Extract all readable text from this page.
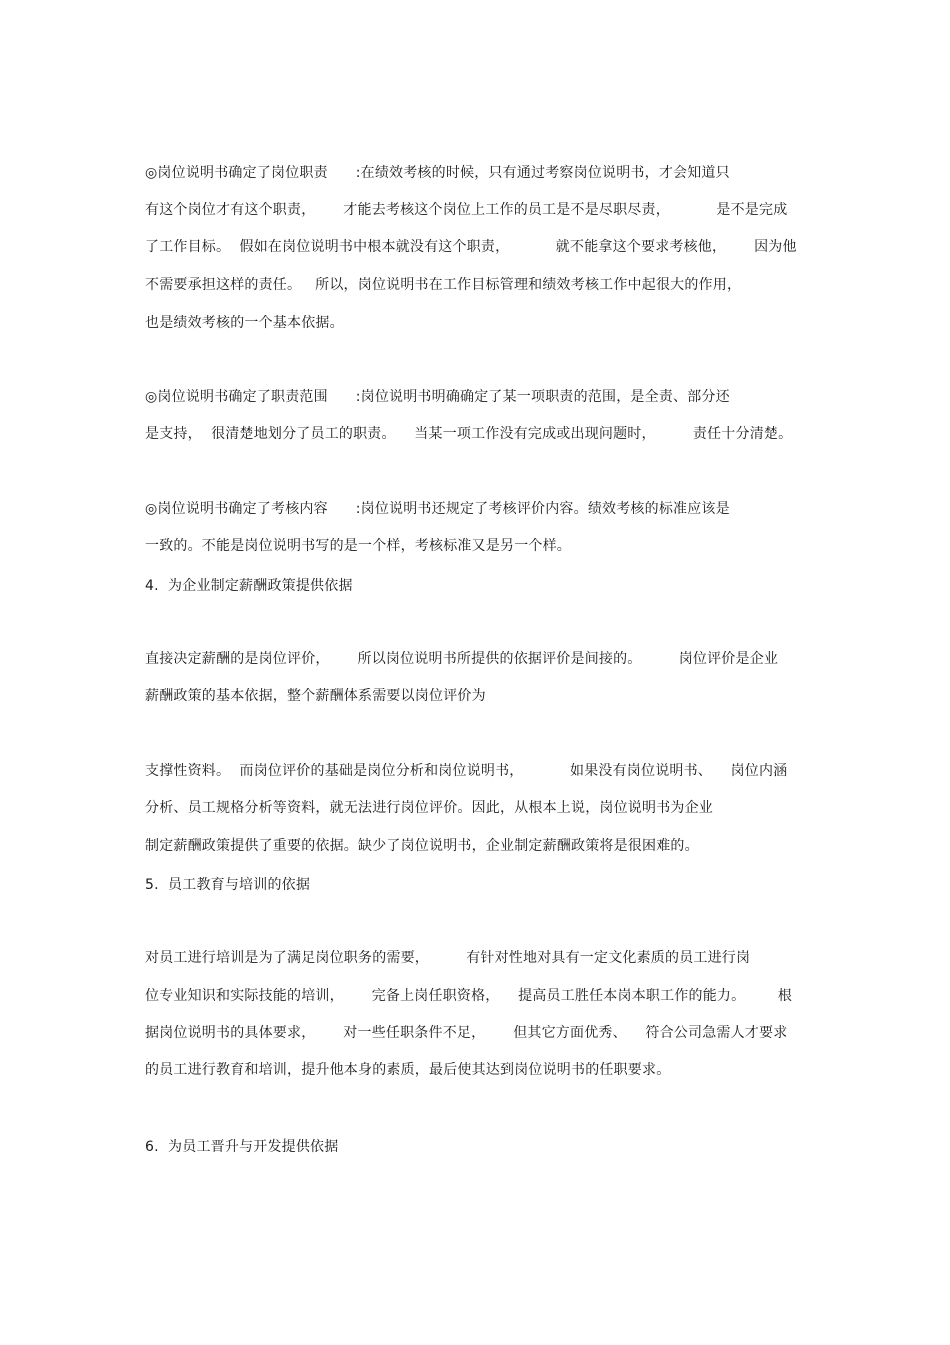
◎岗位说明书确定了岗位职责      :在绩效考核的时候，只有通过考察岗位说明书，才会知道只
有这个岗位才有这个职责，      才能去考核这个岗位上工作的员工是不是尽职尽责，          是不是完成
了工作目标。  假如在岗位说明书中根本就没有这个职责，          就不能拿这个要求考核他，      因为他
不需要承担这样的责任。   所以，岗位说明书在工作目标管理和绩效考核工作中起很大的作用，
也是绩效考核的一个基本依据。
◎岗位说明书确定了职责范围      :岗位说明书明确确定了某一项职责的范围，是全责、部分还
是支持，  很清楚地划分了员工的职责。    当某一项工作没有完成或出现问题时，        责任十分清楚。
◎岗位说明书确定了考核内容      :岗位说明书还规定了考核评价内容。绩效考核的标准应该是
一致的。不能是岗位说明书写的是一个样，考核标准又是另一个样。
4.  为企业制定薪酬政策提供依据
直接决定薪酬的是岗位评价，      所以岗位说明书所提供的依据评价是间接的。        岗位评价是企业
薪酬政策的基本依据，整个薪酬体系需要以岗位评价为
支撑性资料。  而岗位评价的基础是岗位分析和岗位说明书，          如果没有岗位说明书、    岗位内涵
分析、员工规格分析等资料，就无法进行岗位评价。因此，从根本上说，岗位说明书为企业
制定薪酬政策提供了重要的依据。缺少了岗位说明书，企业制定薪酬政策将是很困难的。
5.  员工教育与培训的依据
对员工进行培训是为了满足岗位职务的需要，        有针对性地对具有一定文化素质的员工进行岗
位专业知识和实际技能的培训，      完备上岗任职资格，    提高员工胜任本岗本职工作的能力。       根
据岗位说明书的具体要求，      对一些任职条件不足，      但其它方面优秀、    符合公司急需人才要求
的员工进行教育和培训，提升他本身的素质，最后使其达到岗位说明书的任职要求。
6.  为员工晋升与开发提供依据
